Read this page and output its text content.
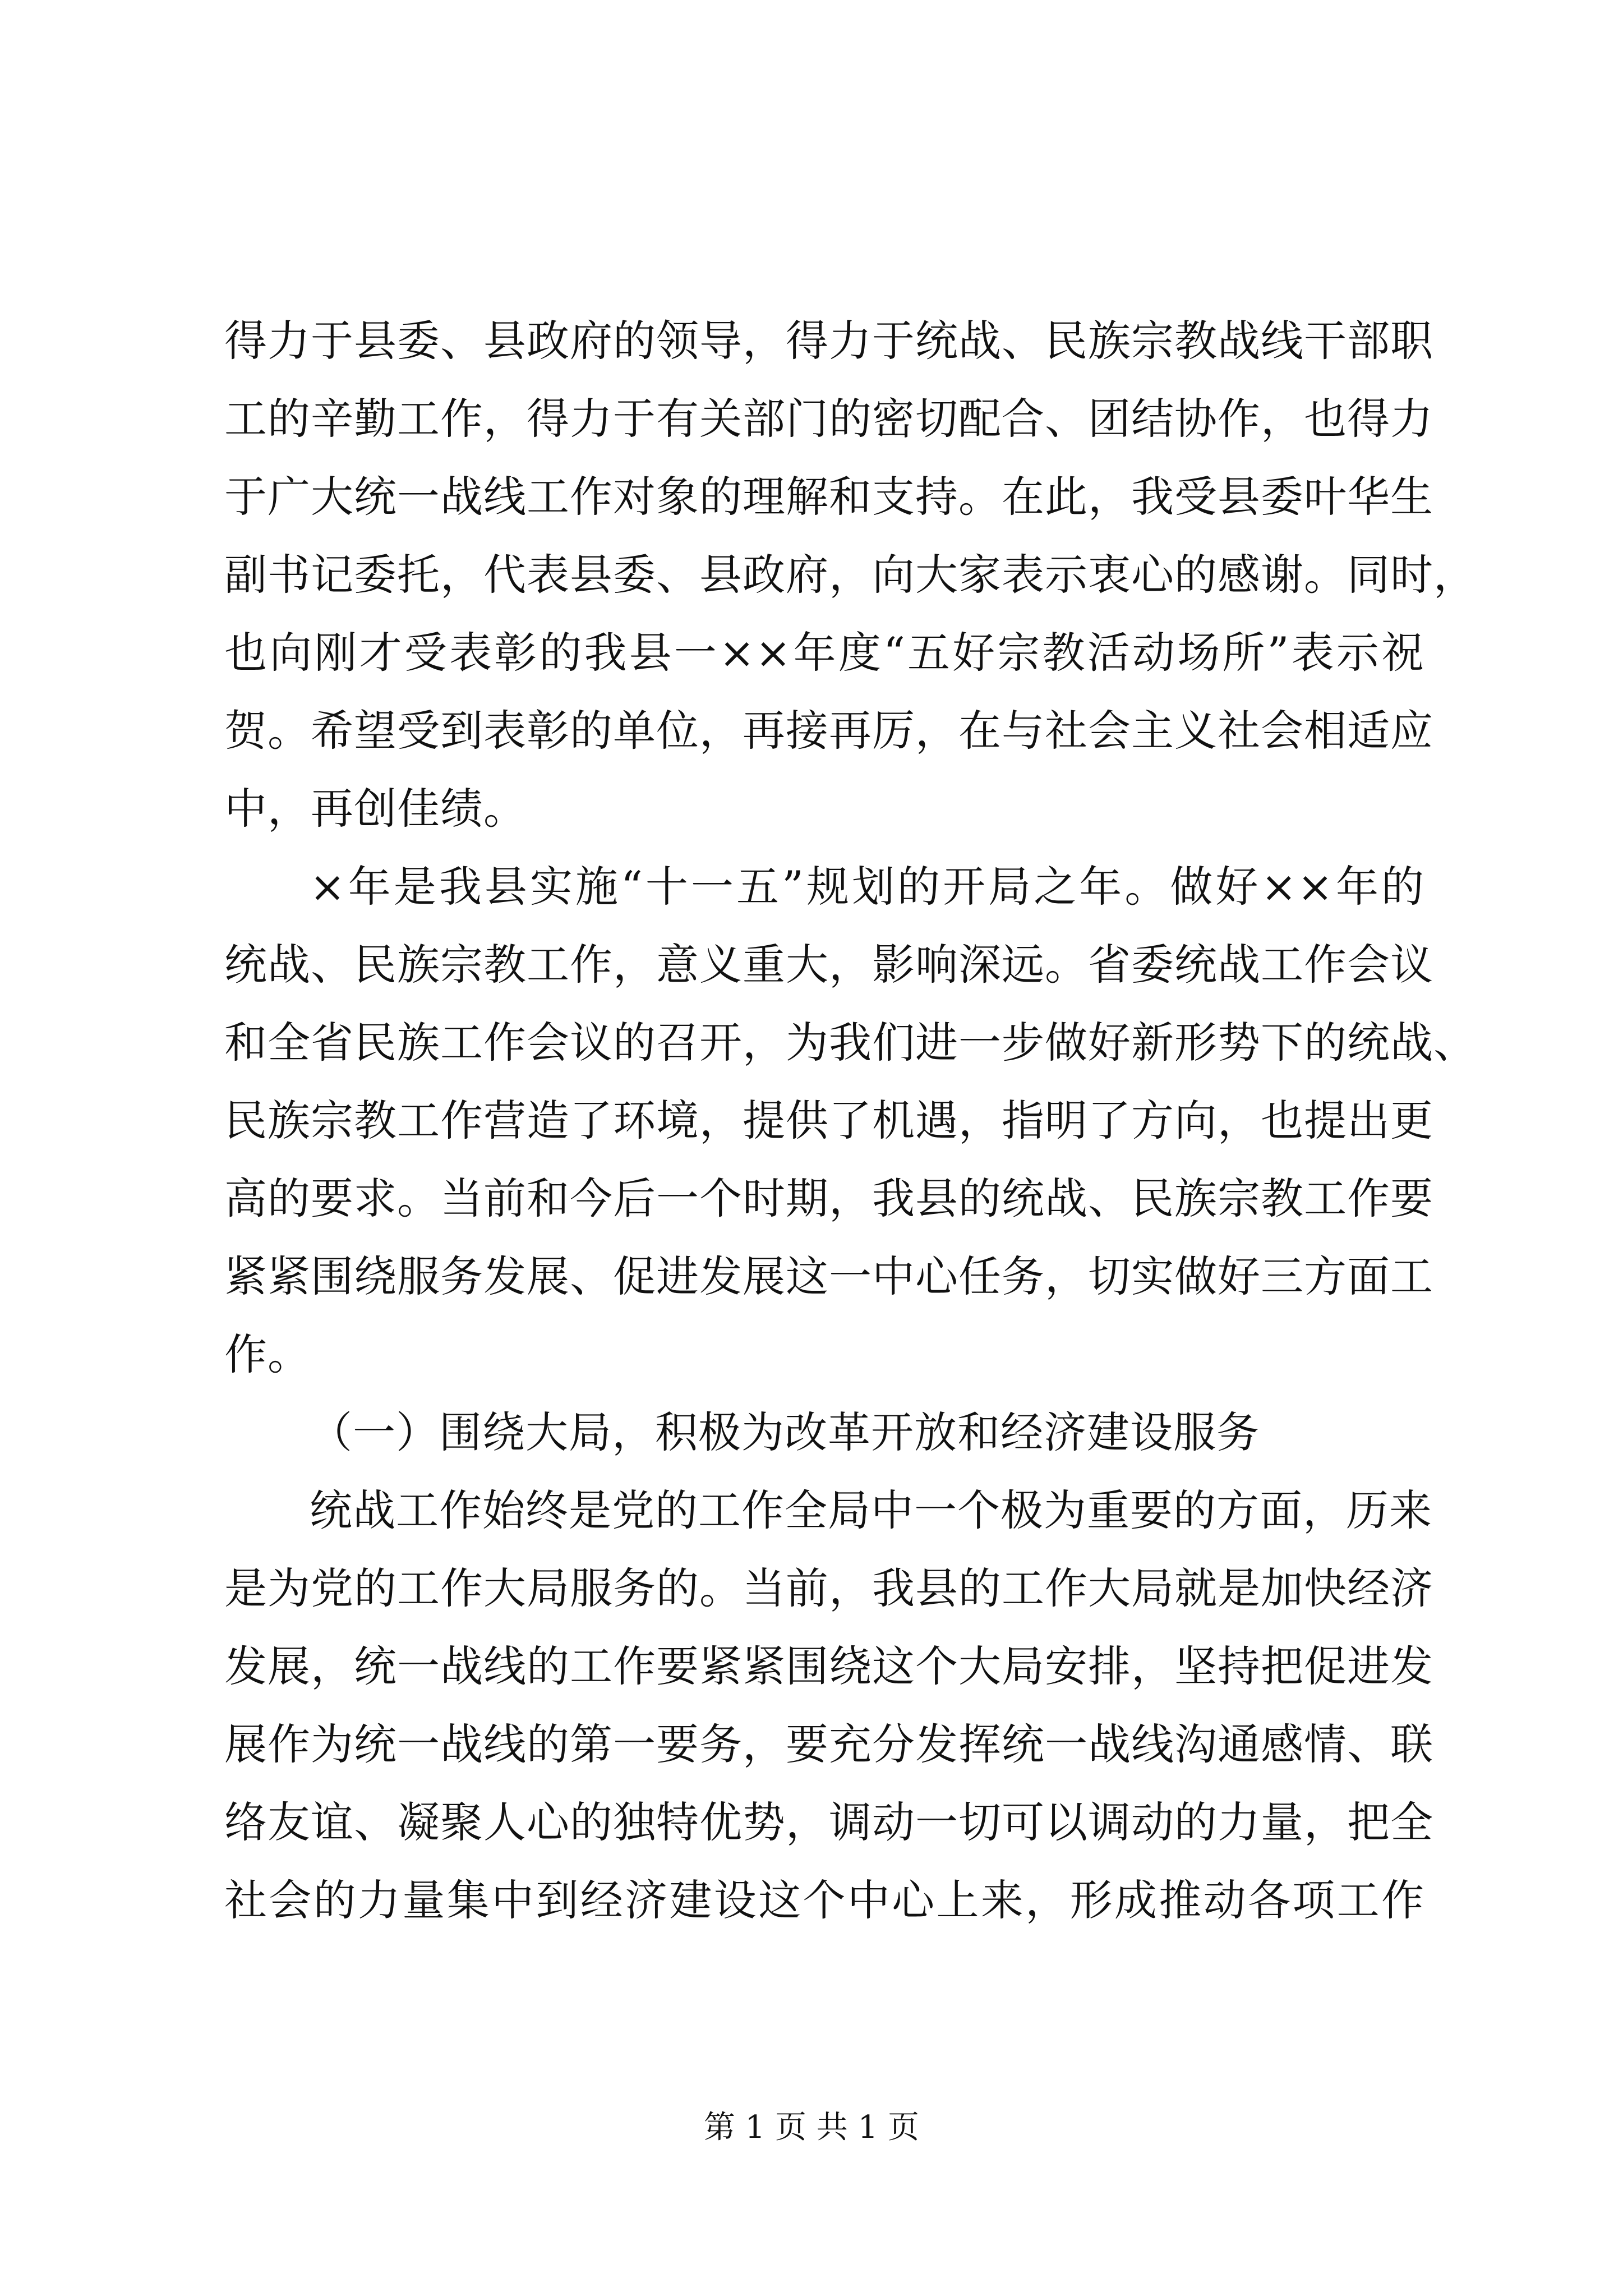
得力于县委、县政府的领导，得力于统战、民族宗教战线干部职
工的辛勤工作，得力于有关部门的密切配合、团结协作，也得力
于广大统一战线工作对象的理解和支持。在此，我受县委叶华生
副书记委托，代表县委、县政府，向大家表示衷心的感谢。同时，
也向刚才受表彰的我县一××年度“五好宗教活动场所”表示祝
贺。希望受到表彰的单位，再接再厉，在与社会主义社会相适应
中，再创佳绩。
×年是我县实施“十一五”规划的开局之年。做好××年的
统战、民族宗教工作，意义重大，影响深远。省委统战工作会议
和全省民族工作会议的召开，为我们进一步做好新形势下的统战、
民族宗教工作营造了环境，提供了机遇，指明了方向，也提出更
高的要求。当前和今后一个时期，我县的统战、民族宗教工作要
紧紧围绕服务发展、促进发展这一中心任务，切实做好三方面工
作。
（一）围绕大局，积极为改革开放和经济建设服务
统战工作始终是党的工作全局中一个极为重要的方面，历来
是为党的工作大局服务的。当前，我县的工作大局就是加快经济
发展，统一战线的工作要紧紧围绕这个大局安排，坚持把促进发
展作为统一战线的第一要务，要充分发挥统一战线沟通感情、联
络友谊、凝聚人心的独特优势，调动一切可以调动的力量，把全
社会的力量集中到经济建设这个中心上来，形成推动各项工作
第 1 页 共 1 页
